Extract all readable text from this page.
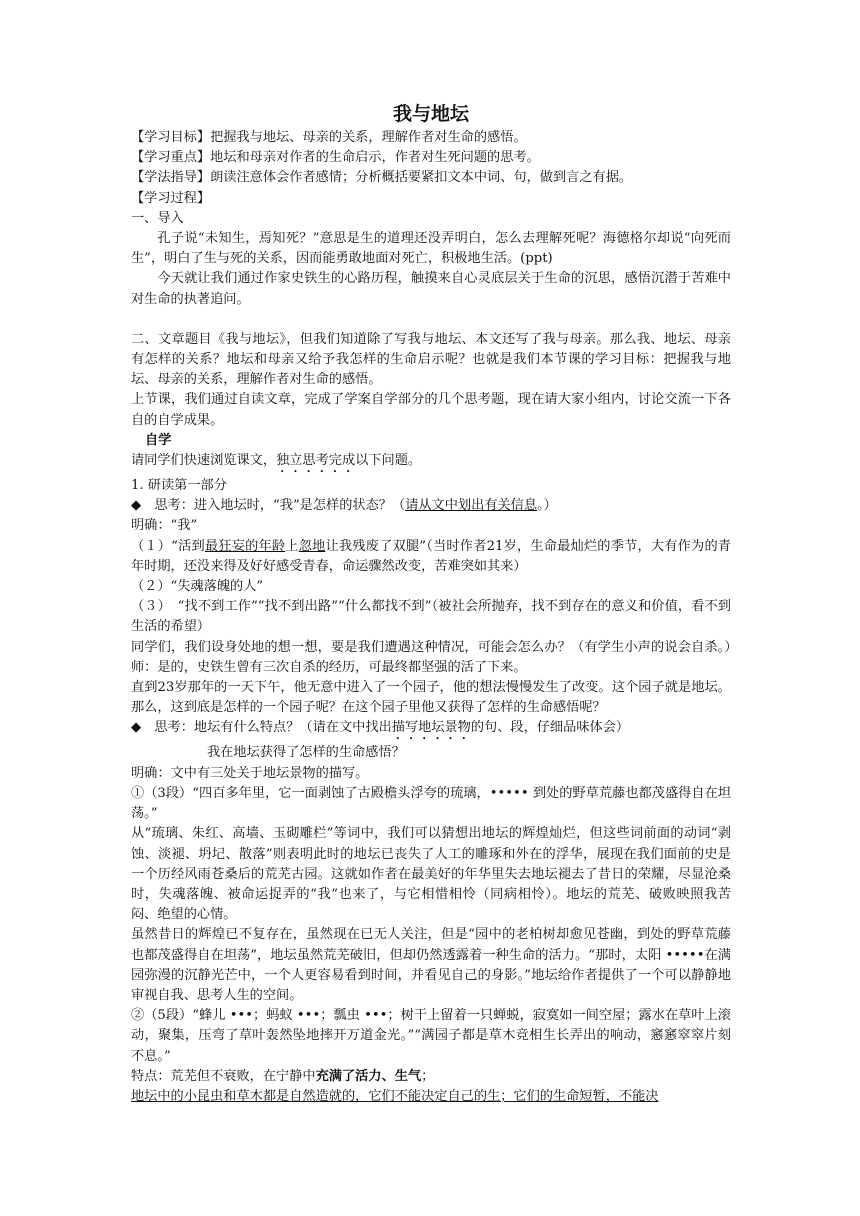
我与地坛

【学习目标】把握我与地坛、母亲的关系，理解作者对生命的感悟。

【学习重点】地坛和母亲对作者的生命启示，作者对生死问题的思考。

【学法指导】朗读注意体会作者感情；分析概括要紧扣文本中词、句，做到言之有据。

【学习过程】

一、导入

孔子说“未知生，焉知死？”意思是生的道理还没弄明白，怎么去理解死呢？海德格尔却说“向死而生”，明白了生与死的关系，因而能勇敢地面对死亡，积极地生活。(ppt)

今天就让我们通过作家史铁生的心路历程，触摸来自心灵底层关于生命的沉思，感悟沉潜于苦难中对生命的执著追问。

二、文章题目《我与地坛》，但我们知道除了写我与地坛、本文还写了我与母亲。那么我、地坛、母亲有怎样的关系？地坛和母亲又给予我怎样的生命启示呢？也就是我们本节课的学习目标：把握我与地坛、母亲的关系，理解作者对生命的感悟。

上节课，我们通过自读文章，完成了学案自学部分的几个思考题，现在请大家小组内，讨论交流一下各自的自学成果。

自学

请同学们快速浏览课文，独立思考完成以下问题。

1. 研读第一部分

◆　思考：进入地坛时，“我”是怎样的状态？（请从文中划出有关信息。）

明确：“我”

（１）“活到最狂妄的年龄上忽地让我残废了双腿”（当时作者21岁，生命最灿烂的季节，大有作为的青年时期，还没来得及好好感受青春，命运骤然改变，苦难突如其来）

（２）“失魂落魄的人”

（３）　“找不到工作”“找不到出路”“什么都找不到”（被社会所抛弃，找不到存在的意义和价值，看不到生活的希望）

同学们，我们设身处地的想一想，要是我们遭遇这种情况，可能会怎么办？（有学生小声的说会自杀。）师：是的，史铁生曾有三次自杀的经历，可最终都坚强的活了下来。

直到23岁那年的一天下午，他无意中进入了一个园子，他的想法慢慢发生了改变。这个园子就是地坛。那么，这到底是怎样的一个园子呢？在这个园子里他又获得了怎样的生命感悟呢？

◆　思考：地坛有什么特点？（请在文中找出描写地坛景物的句、段，仔细品味体会）

我在地坛获得了怎样的生命感悟？

明确：文中有三处关于地坛景物的描写。

①（3段）“四百多年里，它一面剥蚀了古殿檐头浮夸的琉璃，••••• 到处的野草荒藤也都茂盛得自在坦荡。”

从“琉璃、朱红、高墙、玉砌雕栏”等词中，我们可以猜想出地坛的辉煌灿烂，但这些词前面的动词“剥蚀、淡褪、坍圮、散落”则表明此时的地坛已丧失了人工的雕琢和外在的浮华，展现在我们面前的史是一个历经风雨苍桑后的荒芜古园。这就如作者在最美好的年华里失去地坛褪去了昔日的荣耀，尽显沧桑时，失魂落魄、被命运捉弄的“我”也来了，与它相惜相怜（同病相怜）。地坛的荒芜、破败映照我苦闷、绝望的心情。

虽然昔日的辉煌已不复存在，虽然现在已无人关注，但是“园中的老柏树却愈见苍幽，到处的野草荒藤也都茂盛得自在坦荡”，地坛虽然荒芜破旧，但却仍然透露着一种生命的活力。“那时，太阳 •••••在满园弥漫的沉静光芒中，一个人更容易看到时间，并看见自己的身影。”地坛给作者提供了一个可以静静地审视自我、思考人生的空间。

②（5段）“蜂儿 •••；蚂蚁 •••；瓢虫 •••；树干上留着一只蝉蜕，寂寞如一间空屋；露水在草叶上滚动，聚集，压弯了草叶轰然坠地摔开万道金光。”“满园子都是草木竞相生长弄出的响动，窸窸窣窣片刻不息。”

特点：荒芜但不衰败，在宁静中充满了活力、生气；

地坛中的小昆虫和草木都是自然造就的，它们不能决定自己的生；它们的生命短暂，不能决
